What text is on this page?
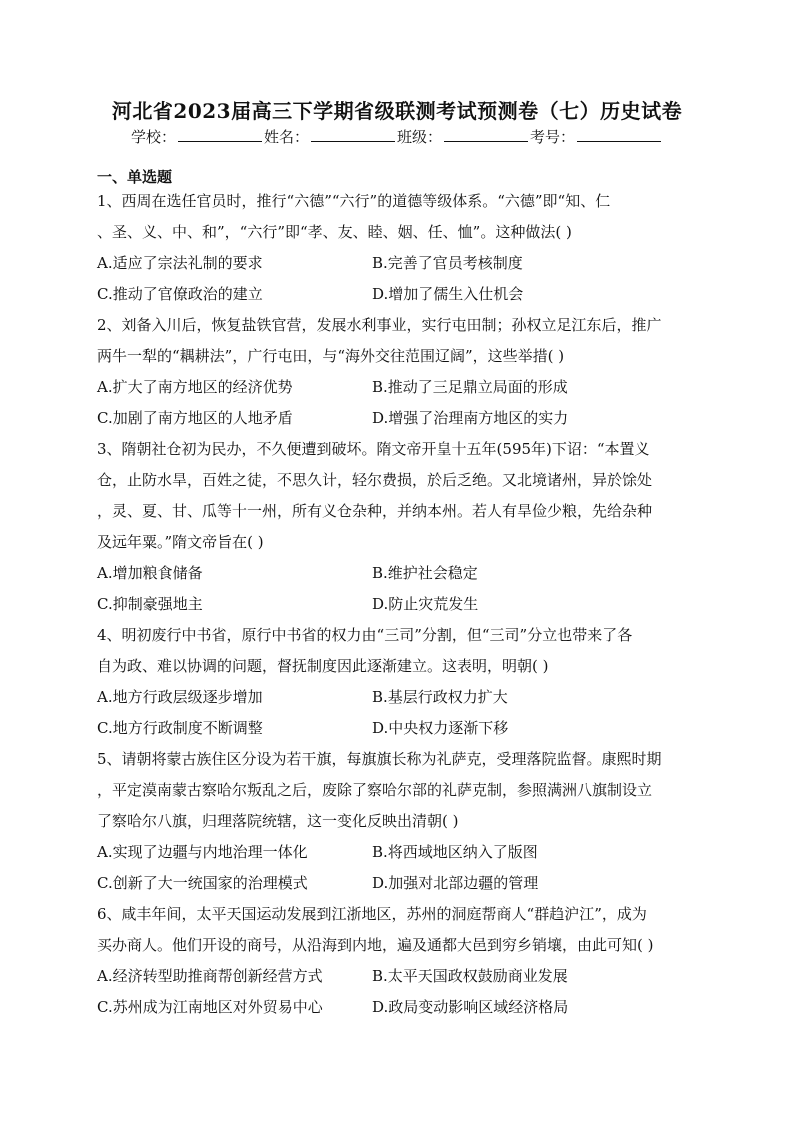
河北省2023届高三下学期省级联测考试预测卷（七）历史试卷
学校：	姓名：	班级：	考号：
一、单选题
1、西周在选任官员时，推行“六德”“六行”的道德等级体系。“六德”即“知、仁
、圣、义、中、和”，“六行”即“孝、友、睦、姻、任、恤”。这种做法( )
A.适应了宗法礼制的要求	B.完善了官员考核制度
C.推动了官僚政治的建立	D.增加了儒生入仕机会
2、刘备入川后，恢复盐铁官营，发展水利事业，实行屯田制；孙权立足江东后，推广
两牛一犁的“耦耕法”，广行屯田，与“海外交往范围辽阔”，这些举措( )
A.扩大了南方地区的经济优势	B.推动了三足鼎立局面的形成
C.加剧了南方地区的人地矛盾	D.增强了治理南方地区的实力
3、隋朝社仓初为民办，不久便遭到破坏。隋文帝开皇十五年(595年)下诏：“本置义
仓，止防水旱，百姓之徒，不思久计，轻尔费损，於后乏绝。又北境诸州，异於馀处
，灵、夏、甘、瓜等十一州，所有义仓杂种，并纳本州。若人有旱俭少粮，先给杂种
及远年粟。”隋文帝旨在( )
A.增加粮食储备	B.维护社会稳定
C.抑制豪强地主	D.防止灾荒发生
4、明初废行中书省，原行中书省的权力由“三司”分割，但“三司”分立也带来了各
自为政、难以协调的问题，督抚制度因此逐渐建立。这表明，明朝( )
A.地方行政层级逐步增加	B.基层行政权力扩大
C.地方行政制度不断调整	D.中央权力逐渐下移
5、请朝将蒙古族住区分设为若干旗，每旗旗长称为礼萨克，受理落院监督。康熙时期
，平定漠南蒙古察哈尔叛乱之后，废除了察哈尔部的礼萨克制，参照满洲八旗制设立
了察哈尔八旗，归理落院统辖，这一变化反映出清朝( )
A.实现了边疆与内地治理一体化	B.将西域地区纳入了版图
C.创新了大一统国家的治理模式	D.加强对北部边疆的管理
6、咸丰年间，太平天国运动发展到江浙地区，苏州的洞庭帮商人“群趋沪江”，成为
买办商人。他们开设的商号，从沿海到内地，遍及通都大邑到穷乡销壤，由此可知( )
A.经济转型助推商帮创新经营方式	B.太平天国政权鼓励商业发展
C.苏州成为江南地区对外贸易中心	D.政局变动影响区域经济格局
